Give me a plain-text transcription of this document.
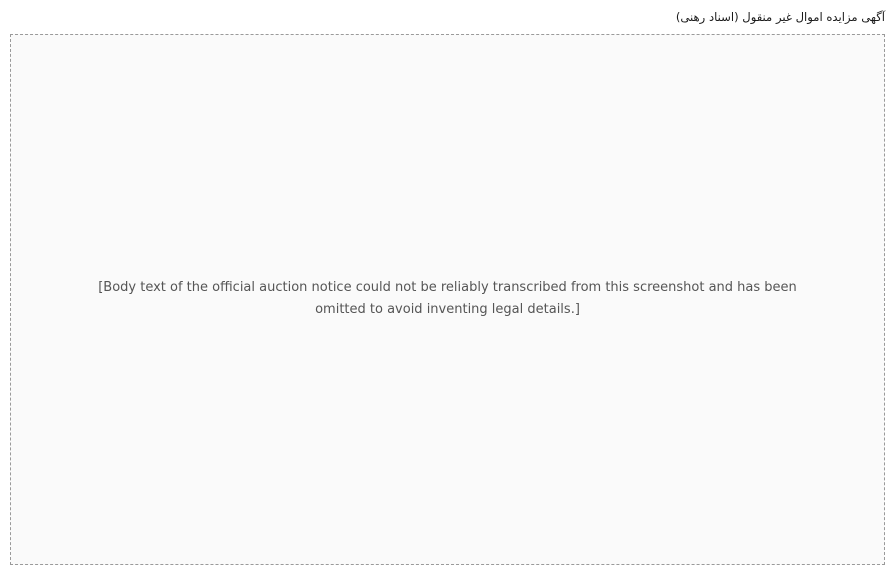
آگهی مزایده اموال غیر منقول (اسناد رهنی)

[Body text of the official auction notice could not be reliably transcribed from this screenshot and has been omitted to avoid inventing legal details.]
